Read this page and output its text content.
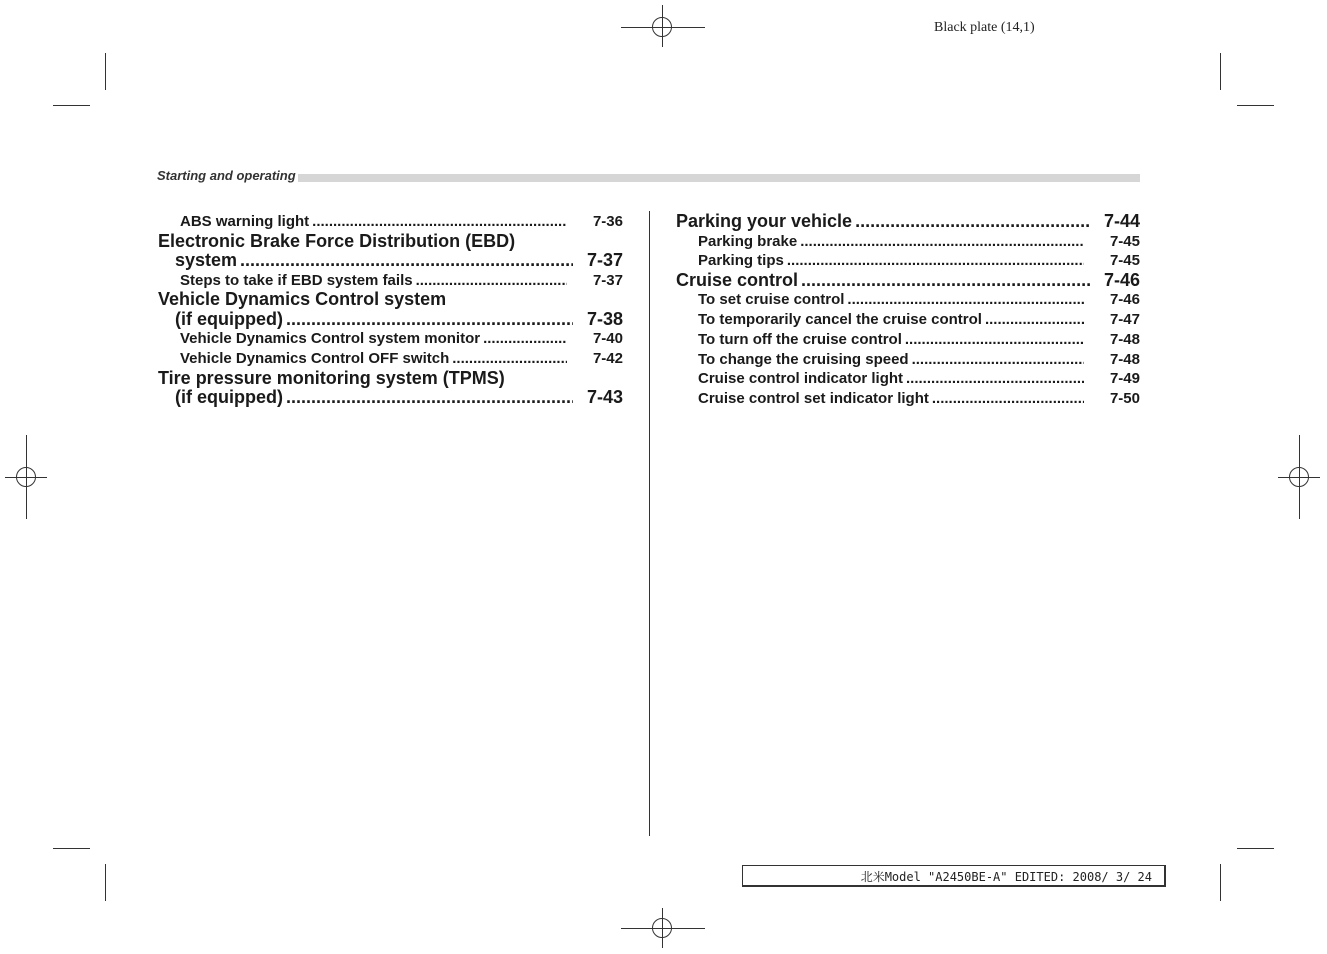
Black plate (14,1)
Starting and operating
ABS warning light .....	7-36
Electronic Brake Force Distribution (EBD)
system .....	7-37
Steps to take if EBD system fails .....	7-37
Vehicle Dynamics Control system
(if equipped) .....	7-38
Vehicle Dynamics Control system monitor .....	7-40
Vehicle Dynamics Control OFF switch .....	7-42
Tire pressure monitoring system (TPMS)
(if equipped) .....	7-43
Parking your vehicle .....	7-44
Parking brake .....	7-45
Parking tips .....	7-45
Cruise control .....	7-46
To set cruise control .....	7-46
To temporarily cancel the cruise control .....	7-47
To turn off the cruise control .....	7-48
To change the cruising speed .....	7-48
Cruise control indicator light .....	7-49
Cruise control set indicator light .....	7-50
北米Model "A2450BE-A" EDITED: 2008/ 3/ 24
